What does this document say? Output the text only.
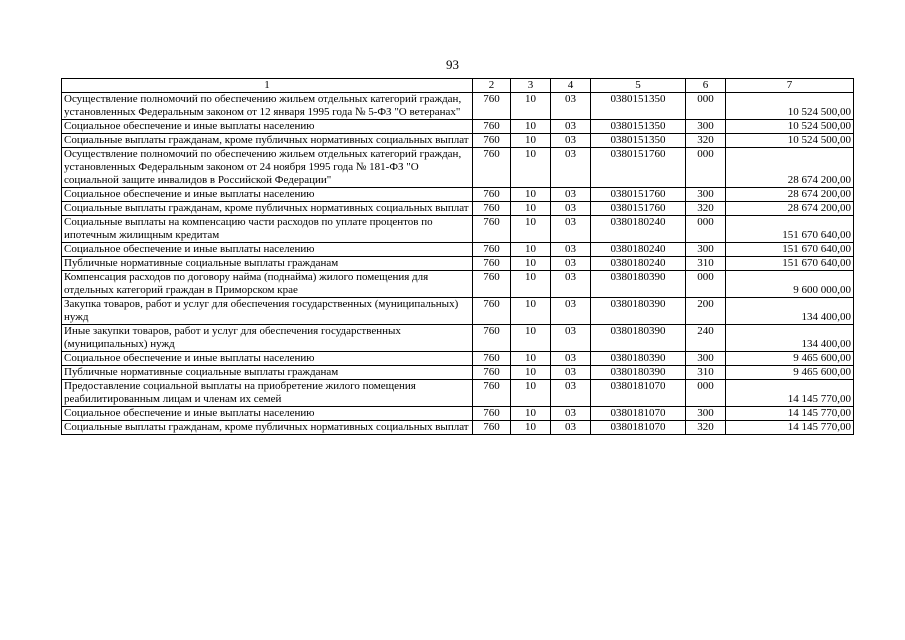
93
1	2	3	4	5	6	7
Осуществление полномочий по обеспечению жильем отдельных категорий граждан, установленных Федеральным законом от 12 января 1995 года № 5-ФЗ "О ветеранах"	760	10	03	0380151350	000	10 524 500,00
Социальное обеспечение и иные выплаты населению	760	10	03	0380151350	300	10 524 500,00
Социальные выплаты гражданам, кроме публичных нормативных социальных выплат	760	10	03	0380151350	320	10 524 500,00
Осуществление полномочий по обеспечению жильем отдельных категорий граждан, установленных Федеральным законом от 24 ноября 1995 года № 181-ФЗ "О социальной защите инвалидов в Российской Федерации"	760	10	03	0380151760	000	28 674 200,00
Социальное обеспечение и иные выплаты населению	760	10	03	0380151760	300	28 674 200,00
Социальные выплаты гражданам, кроме публичных нормативных социальных выплат	760	10	03	0380151760	320	28 674 200,00
Социальные выплаты на компенсацию части расходов по уплате процентов по ипотечным жилищным кредитам	760	10	03	0380180240	000	151 670 640,00
Социальное обеспечение и иные выплаты населению	760	10	03	0380180240	300	151 670 640,00
Публичные нормативные социальные выплаты гражданам	760	10	03	0380180240	310	151 670 640,00
Компенсация расходов по договору найма (поднайма) жилого помещения для отдельных категорий граждан в Приморском крае	760	10	03	0380180390	000	9 600 000,00
Закупка товаров, работ и услуг для обеспечения государственных (муниципальных) нужд	760	10	03	0380180390	200	134 400,00
Иные закупки товаров, работ и услуг для обеспечения государственных (муниципальных) нужд	760	10	03	0380180390	240	134 400,00
Социальное обеспечение и иные выплаты населению	760	10	03	0380180390	300	9 465 600,00
Публичные нормативные социальные выплаты гражданам	760	10	03	0380180390	310	9 465 600,00
Предоставление социальной выплаты на приобретение жилого помещения реабилитированным лицам и членам их семей	760	10	03	0380181070	000	14 145 770,00
Социальное обеспечение и иные выплаты населению	760	10	03	0380181070	300	14 145 770,00
Социальные выплаты гражданам, кроме публичных нормативных социальных выплат	760	10	03	0380181070	320	14 145 770,00
